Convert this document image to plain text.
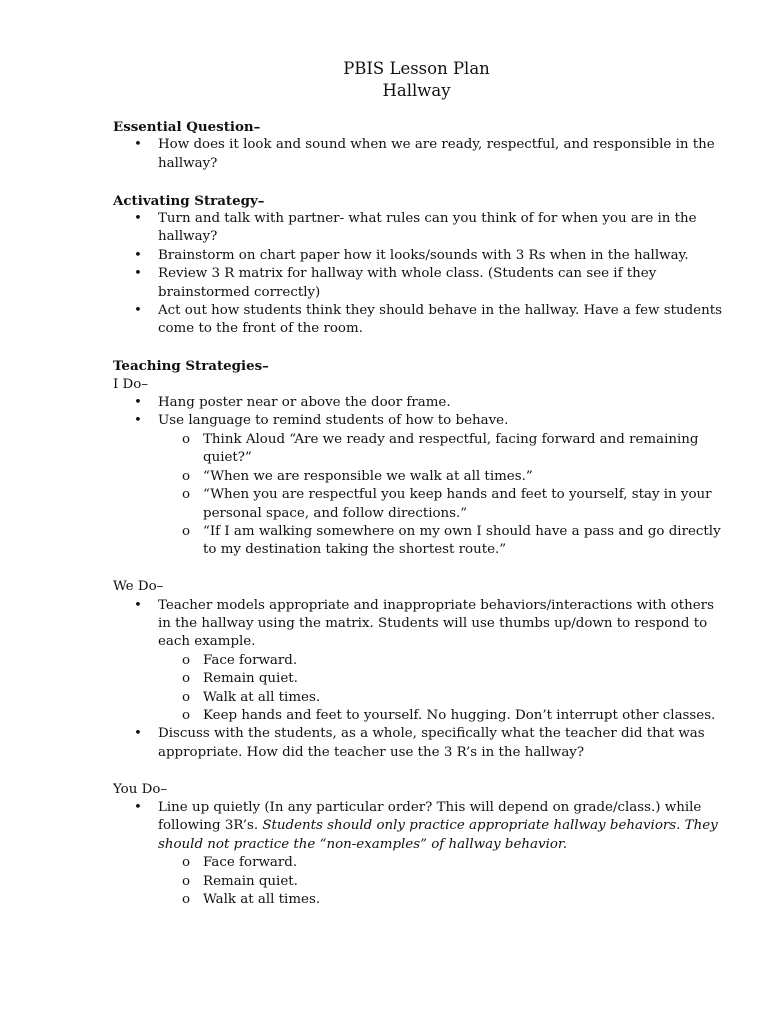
PBIS Lesson Plan
Hallway
Essential Question–
• How does it look and sound when we are ready, respectful, and responsible in the hallway?
Activating Strategy–
• Turn and talk with partner- what rules can you think of for when you are in the hallway?
• Brainstorm on chart paper how it looks/sounds with 3 Rs when in the hallway.
• Review 3 R matrix for hallway with whole class. (Students can see if they brainstormed correctly)
• Act out how students think they should behave in the hallway. Have a few students come to the front of the room.
Teaching Strategies–
I Do–
• Hang poster near or above the door frame.
• Use language to remind students of how to behave.
o Think Aloud “Are we ready and respectful, facing forward and remaining quiet?”
o “When we are responsible we walk at all times.”
o “When you are respectful you keep hands and feet to yourself, stay in your personal space, and follow directions.”
o “If I am walking somewhere on my own I should have a pass and go directly to my destination taking the shortest route.”
We Do–
• Teacher models appropriate and inappropriate behaviors/interactions with others in the hallway using the matrix. Students will use thumbs up/down to respond to each example.
o Face forward.
o Remain quiet.
o Walk at all times.
o Keep hands and feet to yourself. No hugging. Don’t interrupt other classes.
• Discuss with the students, as a whole, specifically what the teacher did that was appropriate. How did the teacher use the 3 R’s in the hallway?
You Do–
• Line up quietly (In any particular order? This will depend on grade/class.) while following 3R’s. Students should only practice appropriate hallway behaviors. They should not practice the “non-examples” of hallway behavior.
o Face forward.
o Remain quiet.
o Walk at all times.
